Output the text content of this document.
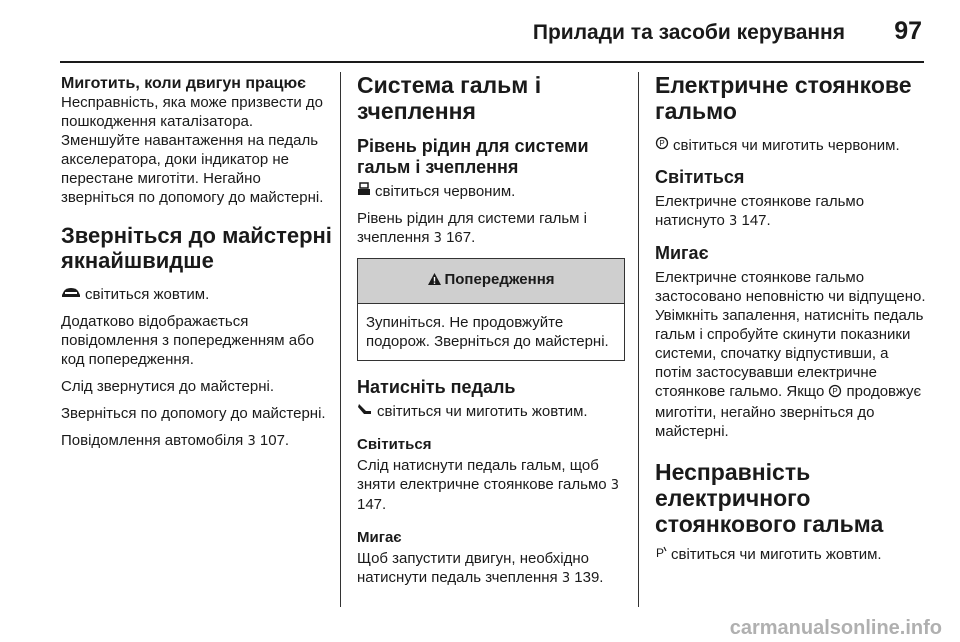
Прилади та засоби керування 97
Миготить, коли двигун працює

Несправність, яка може призвести до пошкодження каталізатора. Зменшуйте навантаження на педаль акселератора, доки індикатор не перестане миготіти. Негайно зверніться по допомогу до майстерні.

Зверніться до майстерні якнайшвидше

світиться жовтим.

Додатково відображається повідомлення з попередженням або код попередження.

Слід звернутися до майстерні.

Зверніться по допомогу до майстерні.

Повідомлення автомобіля 3 107.

Система гальм і зчеплення
Рівень рідин для системи гальм і зчеплення

світиться червоним.

Рівень рідин для системи гальм і зчеплення 3 167.

Попередження
Зупиніться. Не продовжуйте подорож. Зверніться до майстерні.
Натисніть педаль

світиться чи миготить жовтим.

Світиться

Слід натиснути педаль гальм, щоб зняти електричне стоянкове гальмо 3 147.

Мигає

Щоб запустити двигун, необхідно натиснути педаль зчеплення 3 139.

Електричне стоянкове гальмо

P світиться чи миготить червоним.

Світиться

Електричне стоянкове гальмо натиснуто 3 147.

Мигає

Електричне стоянкове гальмо застосовано неповністю чи відпущено. Увімкніть запалення, натисніть педаль гальм і спробуйте скинути показники системи, спочатку відпустивши, а потім застосувавши електричне стоянкове гальмо. Якщо P продовжує миготіти, негайно зверніться до майстерні.

Несправність електричного стоянкового гальма

P світиться чи миготить жовтим.

carmanualsonline.info
